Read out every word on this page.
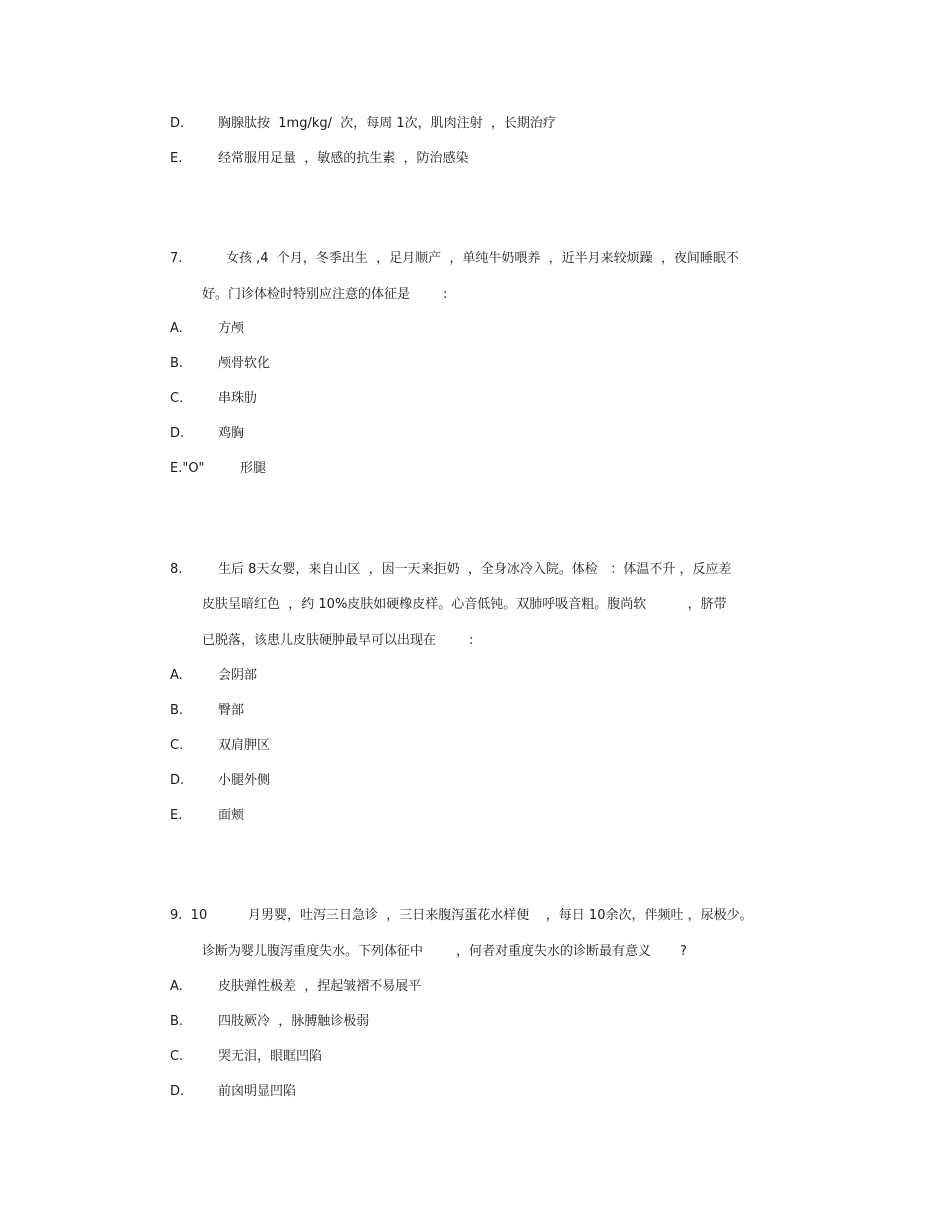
D.	胸腺肽按  1mg/kg/  次，每周 1次，肌肉注射  ，长期治疗
E.	经常服用足量  ，敏感的抗生素  ，防治感染
7.	女孩 ,4  个月，冬季出生  ，足月顺产  ，单纯牛奶喂养  ，近半月来较烦躁  ，夜间睡眠不
好。门诊体检时特别应注意的体征是        :
A.	方颅
B.	颅骨软化
C.	串珠肋
D.	鸡胸
E."O"	形腿
8.	生后 8天女婴，来自山区  ，因一天来拒奶  ，全身冰冷入院。体检   ：体温不升 ，反应差
皮肤呈暗红色  ，约 10%皮肤如硬橡皮样。心音低钝。双肺呼吸音粗。腹尚软          ，脐带
已脱落，该患儿皮肤硬肿最早可以出现在        :
A.	会阴部
B.	臀部
C.	双肩胛区
D.	小腿外侧
E.	面颊
9.  10	月男婴，吐泻三日急诊  ，三日来腹泻蛋花水样便    ，每日 10余次，伴频吐 ，尿极少。
诊断为婴儿腹泻重度失水。下列体征中        ，何者对重度失水的诊断最有意义       ?
A.	皮肤弹性极差  ，捏起皱褶不易展平
B.	四肢厥冷  ，脉膊触诊极弱
C.	哭无泪，眼眶凹陷
D.	前囟明显凹陷
